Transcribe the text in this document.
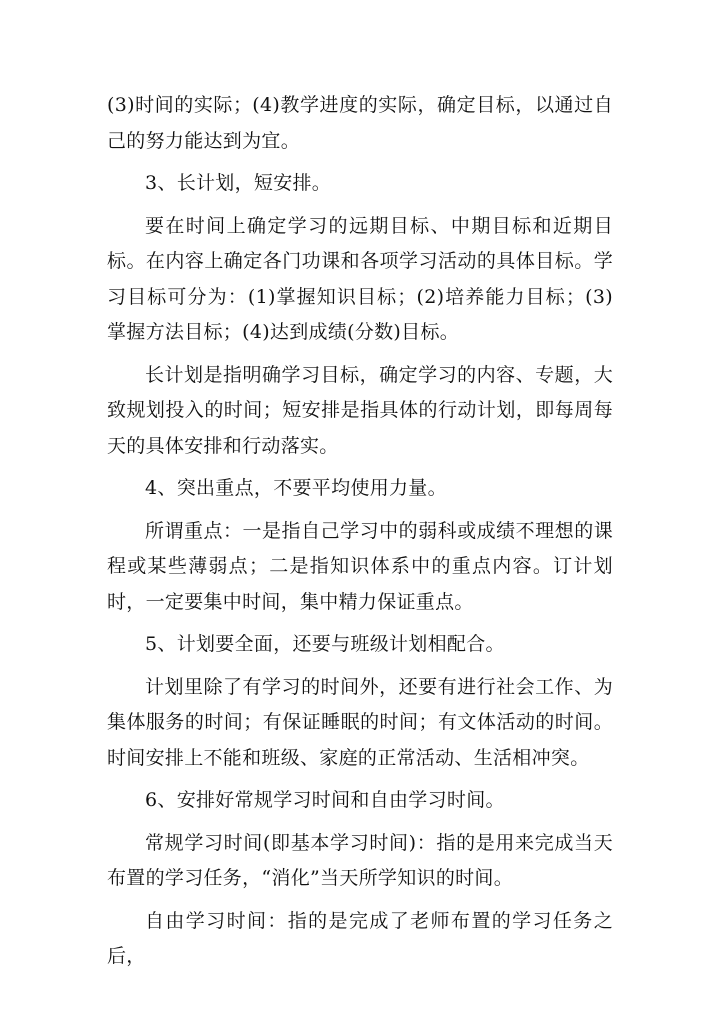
(3)时间的实际；(4)教学进度的实际，确定目标，以通过自己的努力能达到为宜。

3、长计划，短安排。

要在时间上确定学习的远期目标、中期目标和近期目标。在内容上确定各门功课和各项学习活动的具体目标。学习目标可分为：(1)掌握知识目标；(2)培养能力目标；(3)掌握方法目标；(4)达到成绩(分数)目标。

长计划是指明确学习目标，确定学习的内容、专题，大致规划投入的时间；短安排是指具体的行动计划，即每周每天的具体安排和行动落实。

4、突出重点，不要平均使用力量。

所谓重点：一是指自己学习中的弱科或成绩不理想的课程或某些薄弱点；二是指知识体系中的重点内容。订计划时，一定要集中时间，集中精力保证重点。

5、计划要全面，还要与班级计划相配合。

计划里除了有学习的时间外，还要有进行社会工作、为集体服务的时间；有保证睡眠的时间；有文体活动的时间。时间安排上不能和班级、家庭的正常活动、生活相冲突。

6、安排好常规学习时间和自由学习时间。

常规学习时间(即基本学习时间)：指的是用来完成当天布置的学习任务，“消化”当天所学知识的时间。

自由学习时间：指的是完成了老师布置的学习任务之后，
